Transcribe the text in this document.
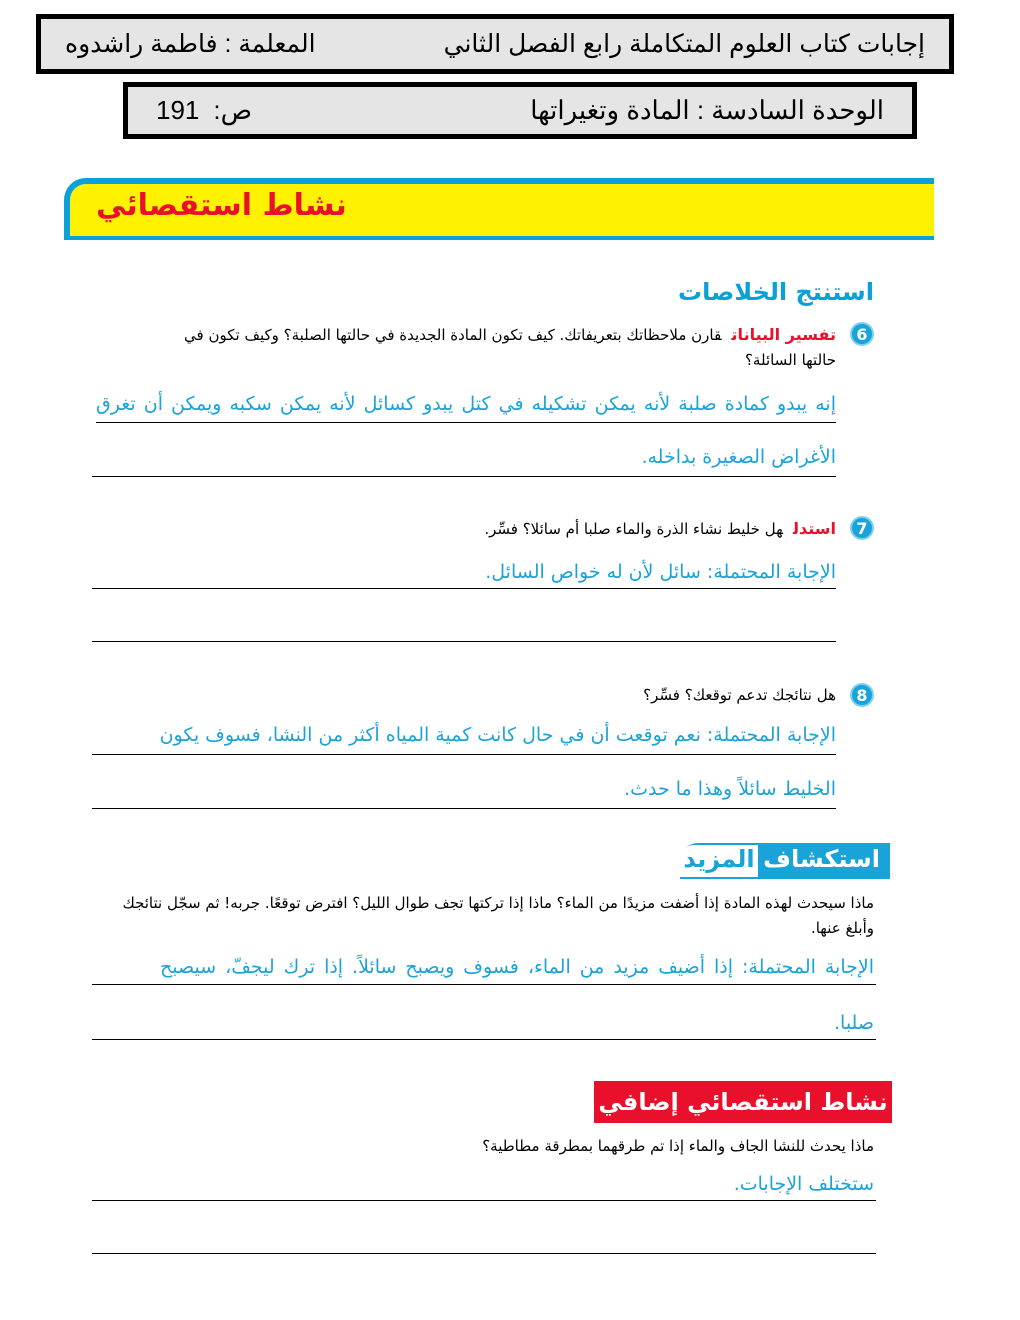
إجابات كتاب العلوم المتكاملة رابع الفصل الثاني
المعلمة : فاطمة راشدوه
الوحدة السادسة : المادة وتغيراتها
ص:
191
نشاط استقصائي
استنتج الخلاصات
6
تفسير البياناتقارن ملاحظاتك بتعريفاتك. كيف تكون المادة الجديدة في حالتها الصلبة؟ وكيف تكون في حالتها السائلة؟
إنه يبدو كمادة صلبة لأنه يمكن تشكيله في كتل يبدو كسائل لأنه يمكن سكبه ويمكن أن تغرق
الأغراض الصغيرة بداخله.
7
استدلهل خليط نشاء الذرة والماء صلبا أم سائلا؟ فسِّر.
الإجابة المحتملة: سائل لأن له خواص السائل.
8
هل نتائجك تدعم توقعك؟ فسِّر؟
الإجابة المحتملة: نعم توقعت أن في حال كانت كمية المياه أكثر من النشا، فسوف يكون
الخليط سائلاً وهذا ما حدث.
استكشاف
المزيد
ماذا سيحدث لهذه المادة إذا أضفت مزيدًا من الماء؟ ماذا إذا تركتها تجف طوال الليل؟ افترض توقعًا. جربه! ثم سجّل نتائجك وأبلغ عنها.
الإجابة المحتملة: إذا أضيف مزيد من الماء، فسوف ويصبح سائلاً. إذا ترك ليجفّ، سيصبح
صلبا.
نشاط استقصائي إضافي
ماذا يحدث للنشا الجاف والماء إذا تم طرقهما بمطرقة مطاطية؟
ستختلف الإجابات.
